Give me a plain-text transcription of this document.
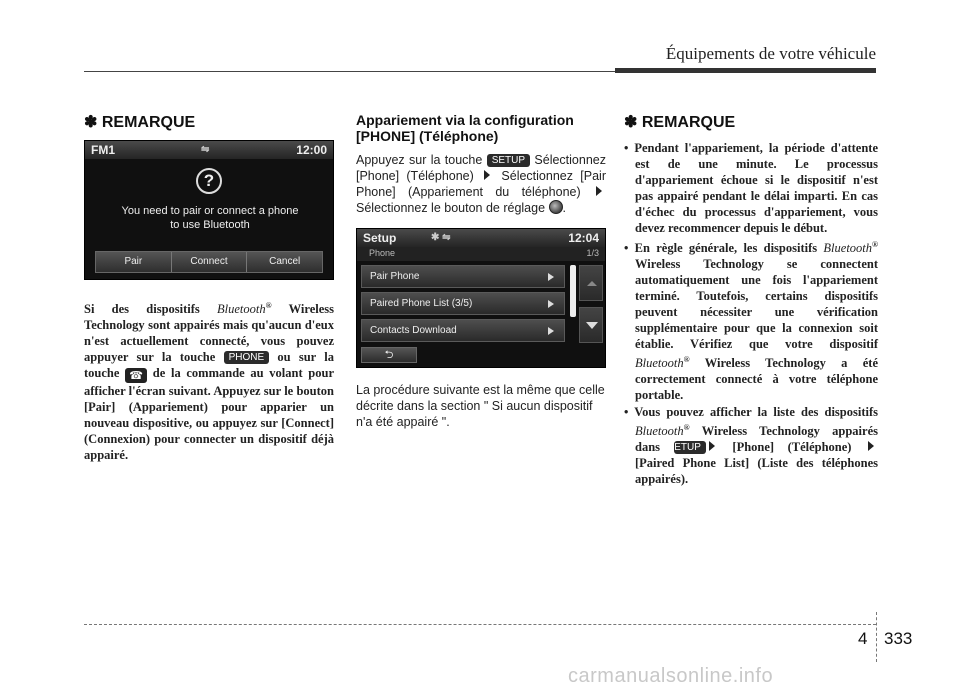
Équipements de votre véhicule
✽ REMARQUE
FM1	⇋	12:00
?
You need to pair or connect a phone
to use Bluetooth
Pair	Connect	Cancel

Si des dispositifs Bluetooth® Wireless Technology sont appairés mais qu'aucun d'eux n'est actuellement connecté, vous pouvez appuyer sur la touche PHONE ou sur la touche ☎ de la commande au volant pour afficher l'écran suivant. Appuyez sur le bouton [Pair] (Appariement) pour apparier un nouveau dispositive, ou appuyez sur [Connect] (Connexion) pour connecter un dispositif déjà appairé.

Appariement via la configuration [PHONE] (Téléphone)

Appuyez sur la touche SETUP Sélectionnez [Phone] (Téléphone)  Sélectionnez [Pair Phone] (Appariement du téléphone)  Sélectionnez le bouton de réglage .

Setup	✱ ⇋	12:04
Phone	1/3
Pair Phone
Paired Phone List (3/5)
Contacts Download
⮌

La procédure suivante est la même que celle décrite dans la section " Si aucun dispositif n'a été appairé ".

✽ REMARQUE

• Pendant l'appariement, la période d'attente est de une minute. Le processus d'appariement échoue si le dispositif n'est pas appairé pendant le délai imparti. En cas d'échec du processus d'appariement, vous devez recommencer depuis le début.

• En règle générale, les dispositifs Bluetooth® Wireless Technology se connectent automatiquement une fois l'appariement terminé. Toutefois, certains dispositifs peuvent nécessiter une vérification supplémentaire pour que la connexion soit établie. Vérifiez que votre dispositif Bluetooth® Wireless Technology a été correctement connecté à votre téléphone portable.

• Vous pouvez afficher la liste des dispositifs Bluetooth® Wireless Technology appairés dans SETUP [Phone] (Téléphone)  [Paired Phone List] (Liste des téléphones appairés).

4 333
carmanualsonline.info
